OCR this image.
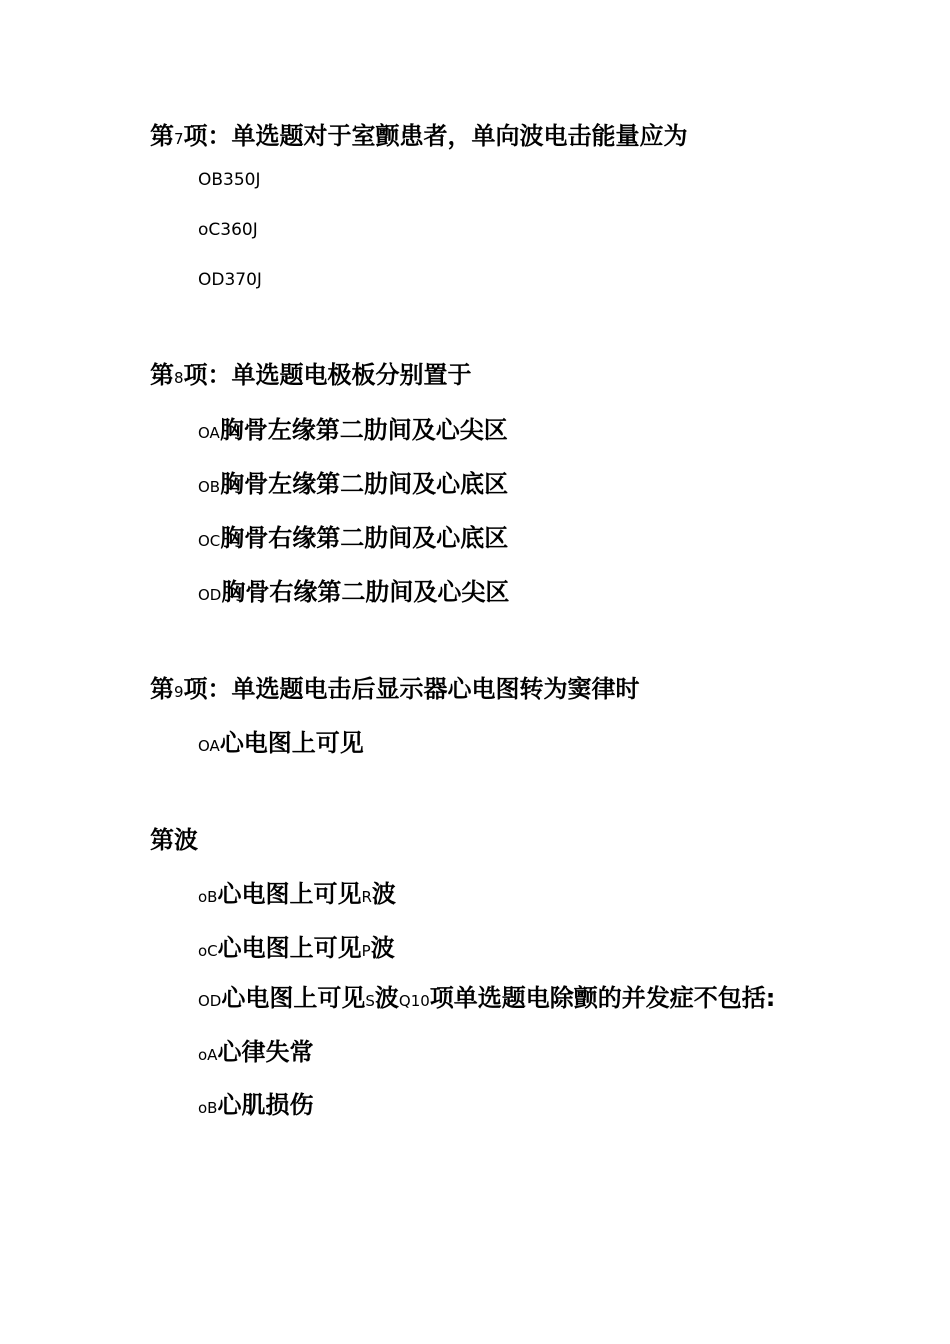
第7项：单选题对于室颤患者，单向波电击能量应为
OB350J
oC360J
OD370J
第8项：单选题电极板分别置于
OA胸骨左缘第二肋间及心尖区
OB胸骨左缘第二肋间及心底区
OC胸骨右缘第二肋间及心底区
OD胸骨右缘第二肋间及心尖区
第9项：单选题电击后显示器心电图转为窦律时
OA心电图上可见
第波
oB心电图上可见R波
oC心电图上可见P波
OD心电图上可见S波Q10项单选题电除颤的并发症不包括:
oA心律失常
oB心肌损伤
